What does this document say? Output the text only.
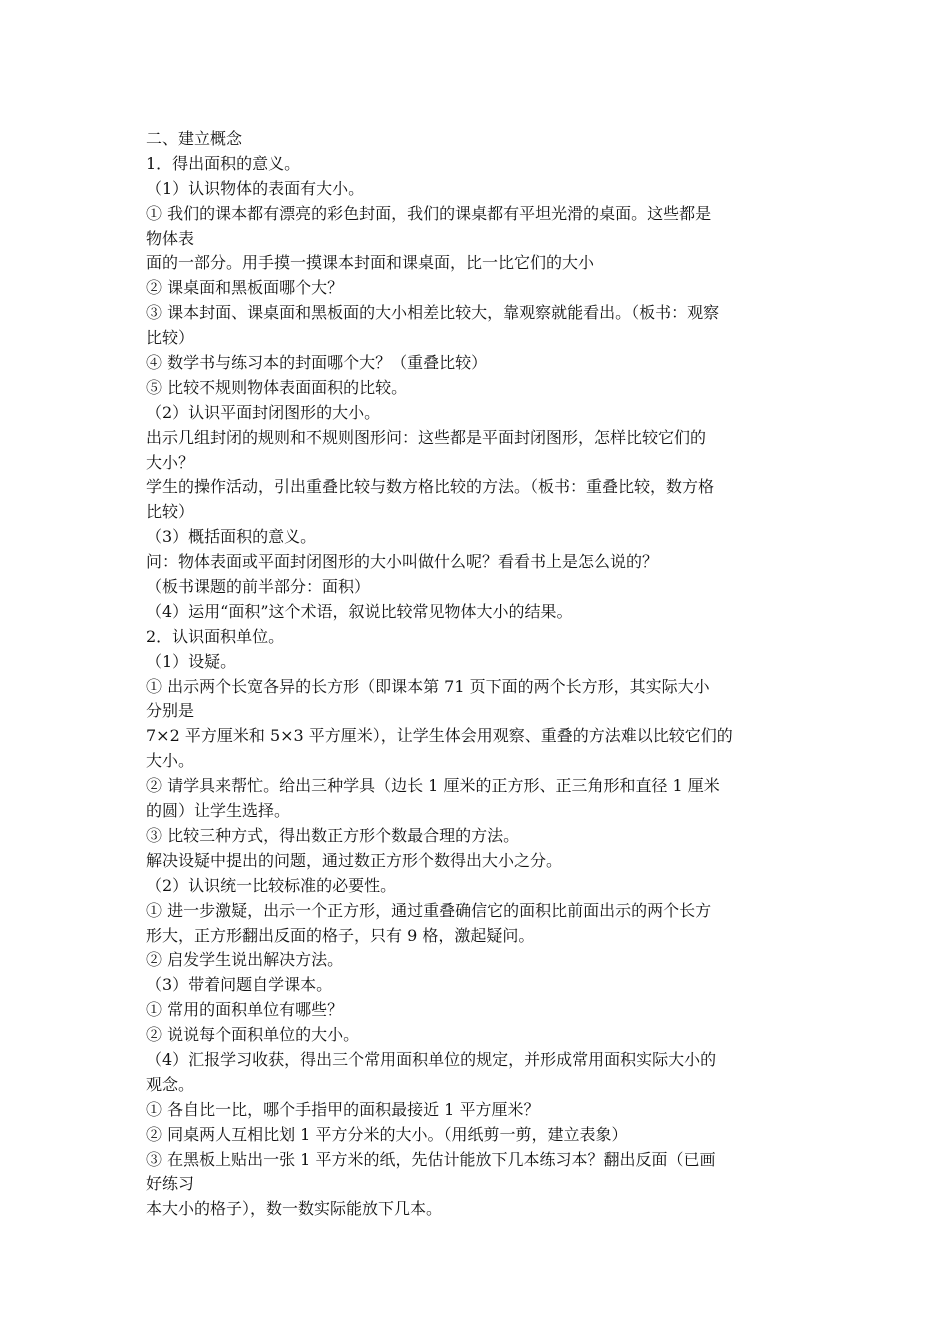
二、建立概念
1．得出面积的意义。
（1）认识物体的表面有大小。
① 我们的课本都有漂亮的彩色封面，我们的课桌都有平坦光滑的桌面。这些都是
物体表
面的一部分。用手摸一摸课本封面和课桌面，比一比它们的大小
② 课桌面和黑板面哪个大？
③ 课本封面、课桌面和黑板面的大小相差比较大，靠观察就能看出。（板书：观察
比较）
④ 数学书与练习本的封面哪个大？（重叠比较）
⑤ 比较不规则物体表面面积的比较。
（2）认识平面封闭图形的大小。
出示几组封闭的规则和不规则图形问：这些都是平面封闭图形，怎样比较它们的
大小？
学生的操作活动，引出重叠比较与数方格比较的方法。（板书：重叠比较，数方格
比较）
（3）概括面积的意义。
问：物体表面或平面封闭图形的大小叫做什么呢？看看书上是怎么说的？
（板书课题的前半部分：面积）
（4）运用“面积”这个术语，叙说比较常见物体大小的结果。
2．认识面积单位。
（1）设疑。
① 出示两个长宽各异的长方形（即课本第 71 页下面的两个长方形，其实际大小
分别是
7×2 平方厘米和 5×3 平方厘米），让学生体会用观察、重叠的方法难以比较它们的
大小。
② 请学具来帮忙。给出三种学具（边长 1 厘米的正方形、正三角形和直径 1 厘米
的圆）让学生选择。
③ 比较三种方式，得出数正方形个数最合理的方法。
解决设疑中提出的问题，通过数正方形个数得出大小之分。
（2）认识统一比较标准的必要性。
① 进一步激疑，出示一个正方形，通过重叠确信它的面积比前面出示的两个长方
形大，正方形翻出反面的格子，只有 9 格，激起疑问。
② 启发学生说出解决方法。
（3）带着问题自学课本。
① 常用的面积单位有哪些？
② 说说每个面积单位的大小。
（4）汇报学习收获，得出三个常用面积单位的规定，并形成常用面积实际大小的
观念。
① 各自比一比，哪个手指甲的面积最接近 1 平方厘米？
② 同桌两人互相比划 1 平方分米的大小。（用纸剪一剪，建立表象）
③ 在黑板上贴出一张 1 平方米的纸，先估计能放下几本练习本？翻出反面（已画
好练习
本大小的格子），数一数实际能放下几本。
